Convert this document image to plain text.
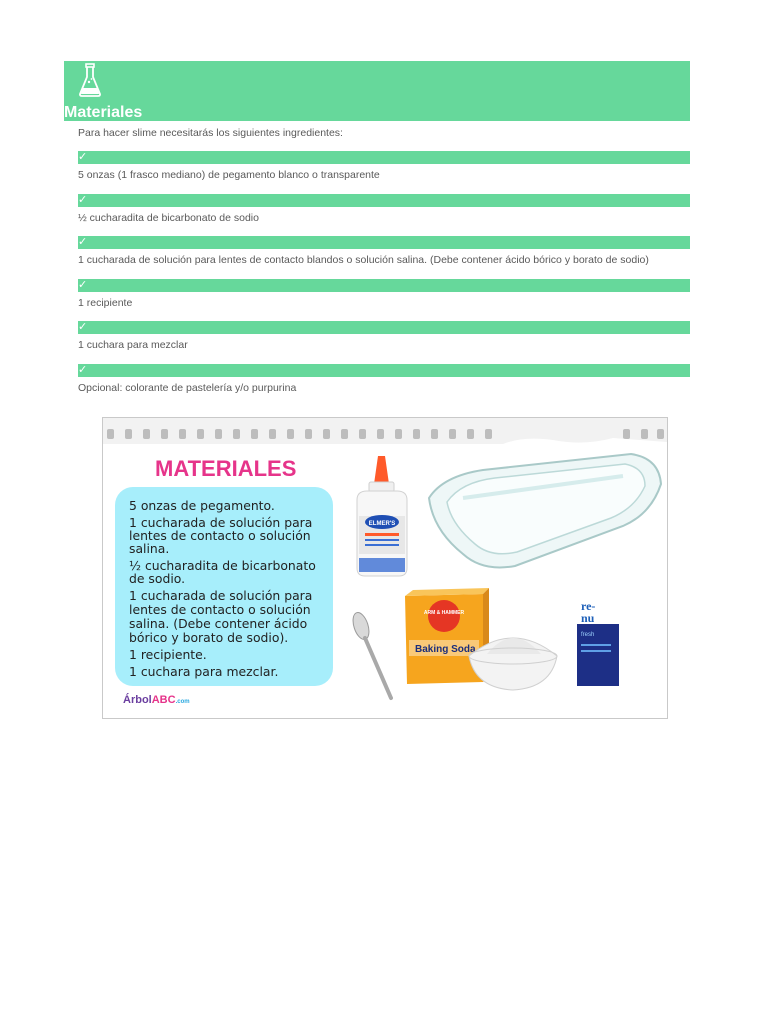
Materiales
Para hacer slime necesitarás los siguientes ingredientes:
✓
5 onzas (1 frasco mediano) de pegamento blanco o transparente
✓
½ cucharadita de bicarbonato de sodio
✓
1 cucharada de solución para lentes de contacto blandos o solución salina. (Debe contener ácido bórico y borato de sodio)
✓
1 recipiente
✓
1 cuchara para mezclar
✓
Opcional: colorante de pastelería y/o purpurina
MATERIALES
5 onzas de pegamento.
1 cucharada de solución para
lentes de contacto o solución
salina.
½ cucharadita de bicarbonato
de sodio.
1 cucharada de solución para
lentes de contacto o solución
salina. (Debe contener ácido
bórico y borato de sodio).
1 recipiente.
1 cuchara para mezclar.
ÁrbolABC.com
ELMER'S
ARM & HAMMER
Baking Soda
re-
nu
fresh
